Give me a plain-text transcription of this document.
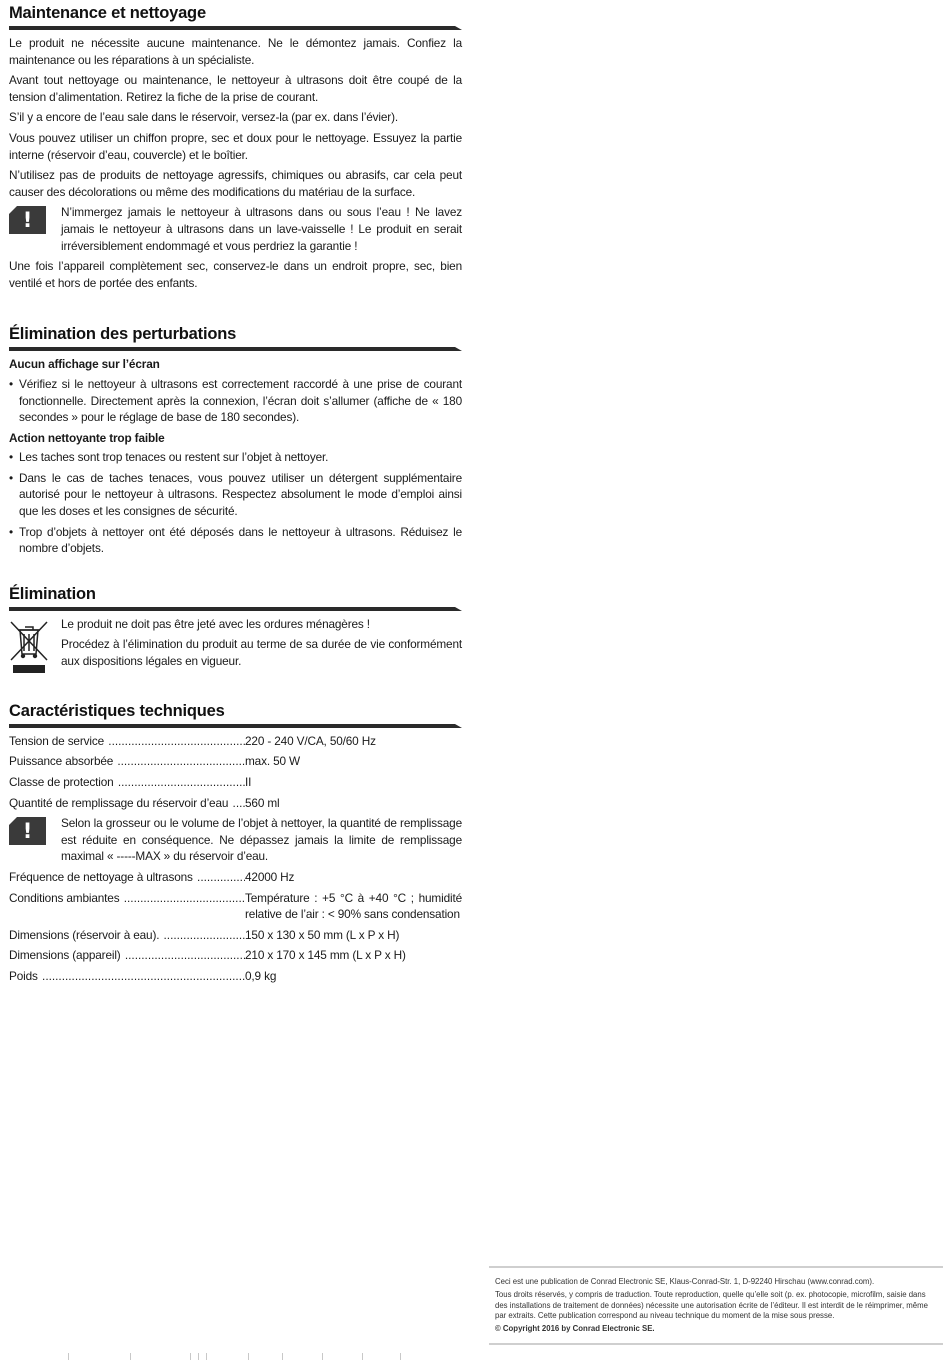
Maintenance et nettoyage

Le produit ne nécessite aucune maintenance. Ne le démontez jamais. Confiez la maintenance ou les réparations à un spécialiste.

Avant tout nettoyage ou maintenance, le nettoyeur à ultrasons doit être coupé de la tension d’alimentation. Retirez la fiche de la prise de courant.

S’il y a encore de l’eau sale dans le réservoir, versez-la (par ex. dans l’évier).

Vous pouvez utiliser un chiffon propre, sec et doux pour le nettoyage. Essuyez la partie interne (réservoir d’eau, couvercle) et le boîtier.

N’utilisez pas de produits de nettoyage agressifs, chimiques ou abrasifs, car cela peut causer des décolorations ou même des modifications du matériau de la surface.

!	N’immergez jamais le nettoyeur à ultrasons dans ou sous l’eau ! Ne lavez jamais le nettoyeur à ultrasons dans un lave-vaisselle ! Le produit en serait irréversiblement endommagé et vous perdriez la garantie !

Une fois l’appareil complètement sec, conservez-le dans un endroit propre, sec, bien ventilé et hors de portée des enfants.

Élimination des perturbations
Aucun affichage sur l’écran
• Vérifiez si le nettoyeur à ultrasons est correctement raccordé à une prise de courant fonctionnelle. Directement après la connexion, l’écran doit s’allumer (affiche de « 180 secondes » pour le réglage de base de 180 secondes).
Action nettoyante trop faible
• Les taches sont trop tenaces ou restent sur l’objet à nettoyer.
• Dans le cas de taches tenaces, vous pouvez utiliser un détergent supplémentaire autorisé pour le nettoyeur à ultrasons. Respectez absolument le mode d’emploi ainsi que les doses et les consignes de sécurité.
• Trop d’objets à nettoyer ont été déposés dans le nettoyeur à ultrasons. Réduisez le nombre d’objets.
Élimination

Le produit ne doit pas être jeté avec les ordures ménagères !

Procédez à l’élimination du produit au terme de sa durée de vie conformément aux dispositions légales en vigueur.

Caractéristiques techniques
Tension de service .....	220 - 240 V/CA, 50/60 Hz
Puissance absorbée .....	max. 50 W
Classe de protection .....	II
Quantité de remplissage du réservoir d’eau .....	560 ml
!	Selon la grosseur ou le volume de l’objet à nettoyer, la quantité de remplissage est réduite en conséquence. Ne dépassez jamais la limite de remplissage maximal « -----MAX » du réservoir d’eau.

Fréquence de nettoyage à ultrasons .....	42000 Hz
Conditions ambiantes .....	Température : +5 °C à +40 °C ; humidité relative de l’air : < 90% sans condensation
Dimensions (réservoir à eau). .....	150 x 130 x 50 mm (L x P x H)
Dimensions (appareil) .....	210 x 170 x 145 mm (L x P x H)
Poids .....	0,9 kg

Ceci est une publication de Conrad Electronic SE, Klaus-Conrad-Str. 1, D-92240 Hirschau (www.conrad.com).

Tous droits réservés, y compris de traduction. Toute reproduction, quelle qu’elle soit (p. ex. photocopie, microfilm, saisie dans des installations de traitement de données) nécessite une autorisation écrite de l’éditeur. Il est interdit de le réimprimer, même par extraits. Cette publication correspond au niveau technique du moment de la mise sous presse.

© Copyright 2016 by Conrad Electronic SE.
